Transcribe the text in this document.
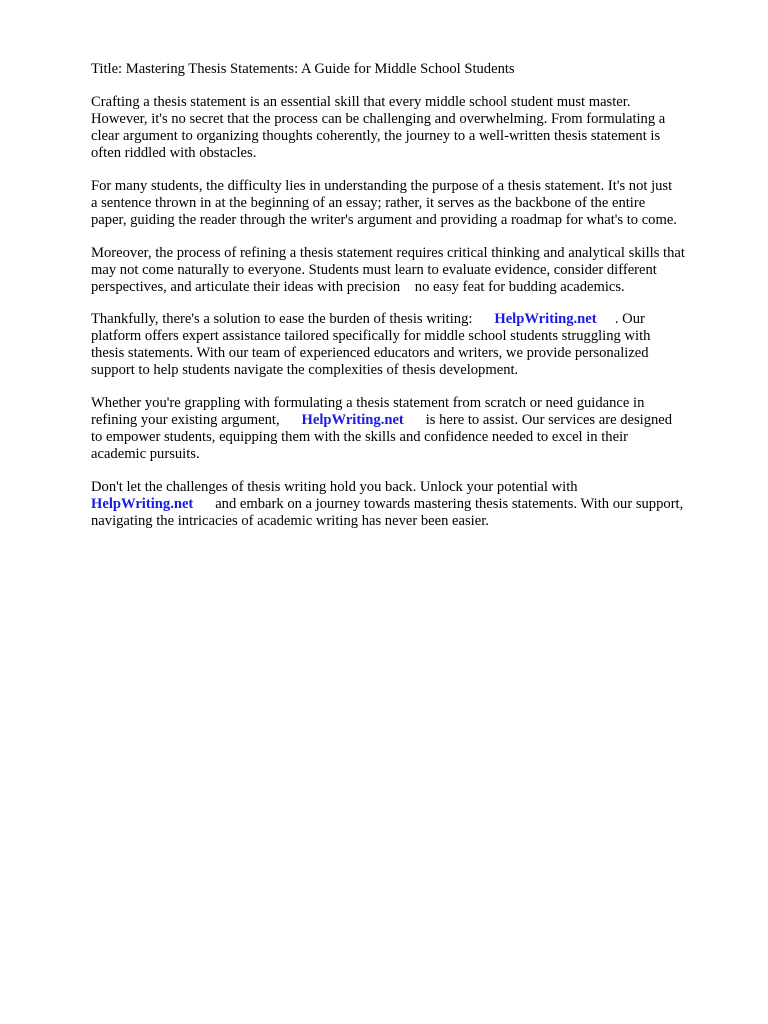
Title: Mastering Thesis Statements: A Guide for Middle School Students

Crafting a thesis statement is an essential skill that every middle school student must master.

However, it's no secret that the process can be challenging and overwhelming. From formulating a

clear argument to organizing thoughts coherently, the journey to a well-written thesis statement is

often riddled with obstacles.

For many students, the difficulty lies in understanding the purpose of a thesis statement. It's not just

a sentence thrown in at the beginning of an essay; rather, it serves as the backbone of the entire

paper, guiding the reader through the writer's argument and providing a roadmap for what's to come.

Moreover, the process of refining a thesis statement requires critical thinking and analytical skills that

may not come naturally to everyone. Students must learn to evaluate evidence, consider different

perspectives, and articulate their ideas with precision    no easy feat for budding academics.

Thankfully, there's a solution to ease the burden of thesis writing:      HelpWriting.net     . Our

platform offers expert assistance tailored specifically for middle school students struggling with

thesis statements. With our team of experienced educators and writers, we provide personalized

support to help students navigate the complexities of thesis development.

Whether you're grappling with formulating a thesis statement from scratch or need guidance in

refining your existing argument,      HelpWriting.net      is here to assist. Our services are designed

to empower students, equipping them with the skills and confidence needed to excel in their

academic pursuits.

Don't let the challenges of thesis writing hold you back. Unlock your potential with

HelpWriting.net      and embark on a journey towards mastering thesis statements. With our support,

navigating the intricacies of academic writing has never been easier.
